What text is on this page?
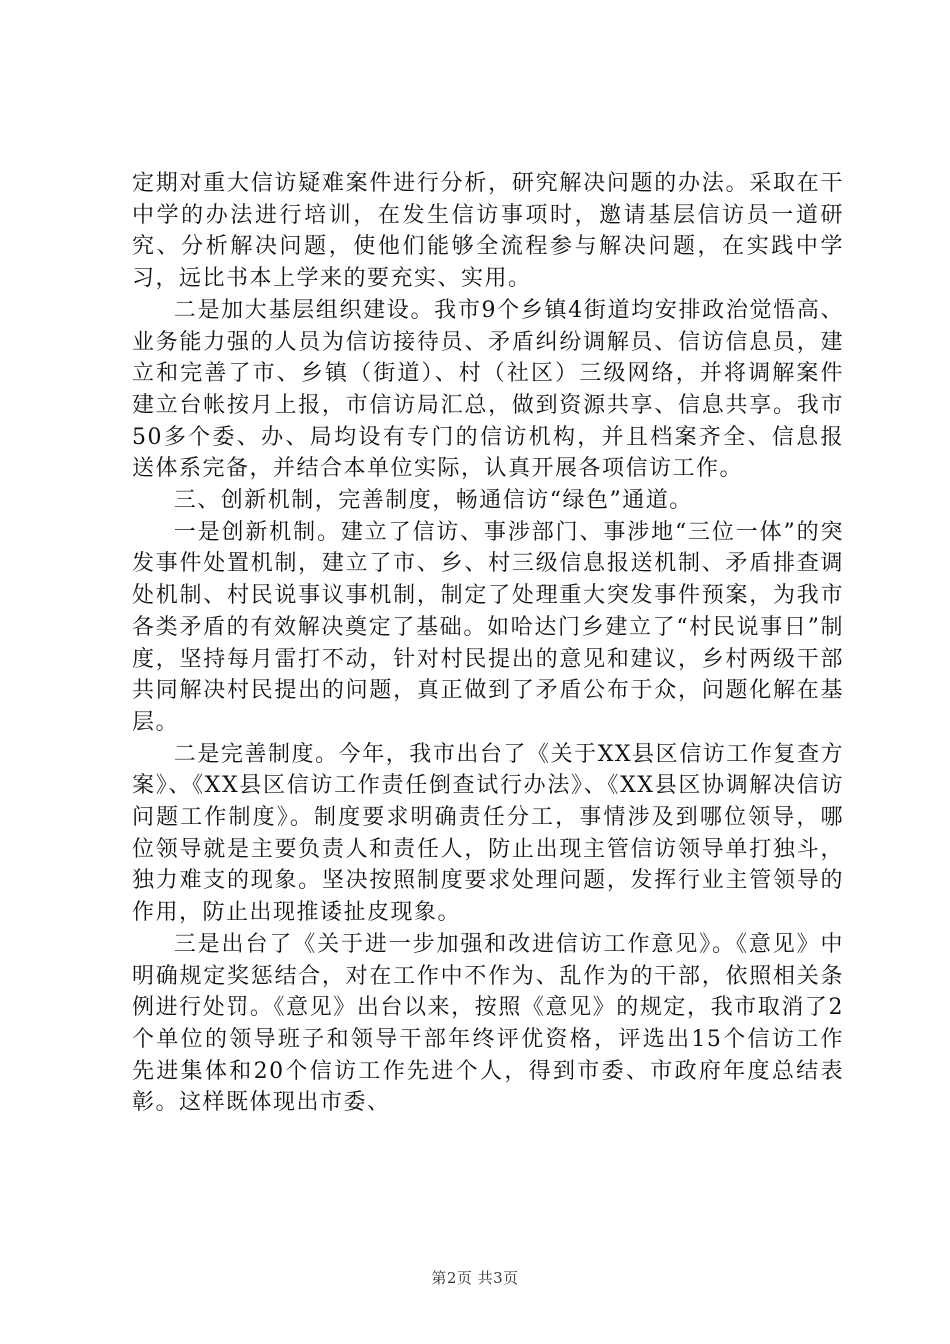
定期对重大信访疑难案件进行分析，研究解决问题的办法。采取在干中学的办法进行培训，在发生信访事项时，邀请基层信访员一道研究、分析解决问题，使他们能够全流程参与解决问题，在实践中学习，远比书本上学来的要充实、实用。

二是加大基层组织建设。我市9个乡镇4街道均安排政治觉悟高、业务能力强的人员为信访接待员、矛盾纠纷调解员、信访信息员，建立和完善了市、乡镇（街道）、村（社区）三级网络，并将调解案件建立台帐按月上报，市信访局汇总，做到资源共享、信息共享。我市50多个委、办、局均设有专门的信访机构，并且档案齐全、信息报送体系完备，并结合本单位实际，认真开展各项信访工作。

三、创新机制，完善制度，畅通信访“绿色”通道。

一是创新机制。建立了信访、事涉部门、事涉地“三位一体”的突发事件处置机制，建立了市、乡、村三级信息报送机制、矛盾排查调处机制、村民说事议事机制，制定了处理重大突发事件预案，为我市各类矛盾的有效解决奠定了基础。如哈达门乡建立了“村民说事日”制度，坚持每月雷打不动，针对村民提出的意见和建议，乡村两级干部共同解决村民提出的问题，真正做到了矛盾公布于众，问题化解在基层。

二是完善制度。今年，我市出台了《关于XX县区信访工作复查方案》、《XX县区信访工作责任倒查试行办法》、《XX县区协调解决信访问题工作制度》。制度要求明确责任分工，事情涉及到哪位领导，哪位领导就是主要负责人和责任人，防止出现主管信访领导单打独斗，独力难支的现象。坚决按照制度要求处理问题，发挥行业主管领导的作用，防止出现推诿扯皮现象。

三是出台了《关于进一步加强和改进信访工作意见》。《意见》中明确规定奖惩结合，对在工作中不作为、乱作为的干部，依照相关条例进行处罚。《意见》出台以来，按照《意见》的规定，我市取消了2个单位的领导班子和领导干部年终评优资格，评选出15个信访工作先进集体和20个信访工作先进个人，得到市委、市政府年度总结表彰。这样既体现出市委、

第2页 共3页
